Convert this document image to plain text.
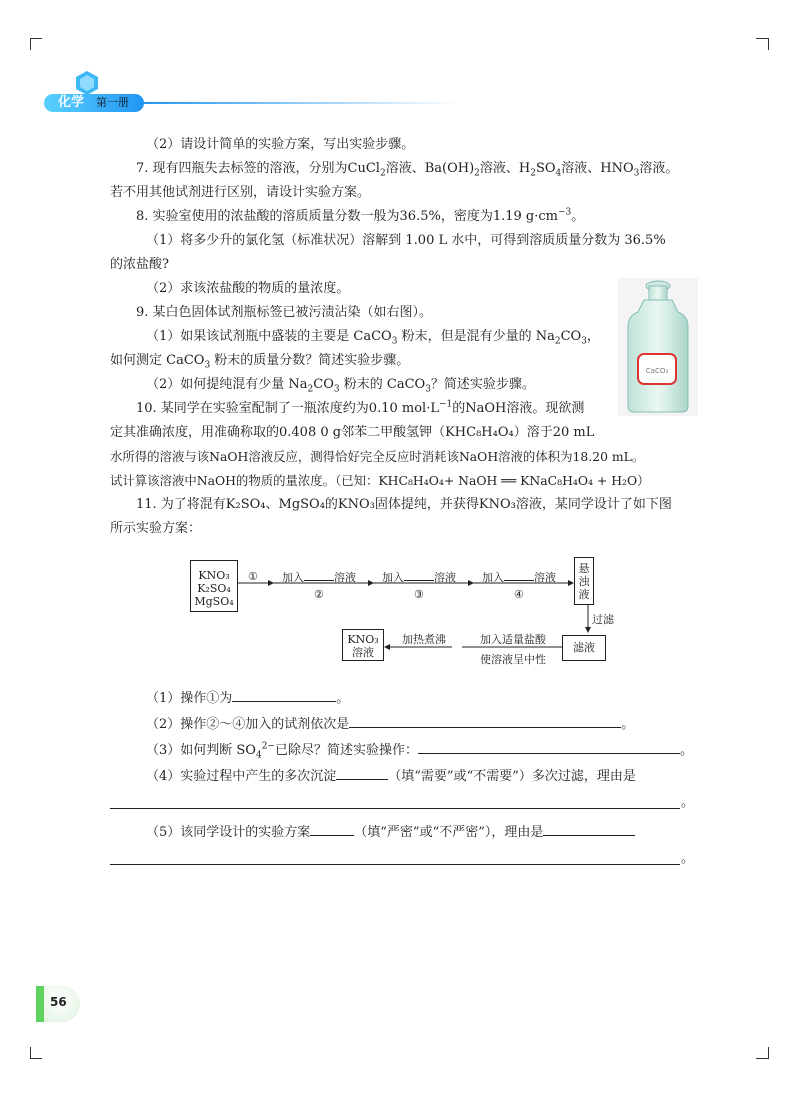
化学 第一册

（2）请设计简单的实验方案，写出实验步骤。

7. 现有四瓶失去标签的溶液，分别为CuCl$_2$溶液、$Ba(OH)_2$溶液、$H_2SO_4$溶液、$HNO_3$溶液。

若不用其他试剂进行区别，请设计实验方案。

8. 实验室使用的浓盐酸的溶质质量分数一般为36.5%，密度为1.19 $g\cdot cm^{-3}$。

（1）将多少升的氯化氢（标准状况）溶解到 1.00 L 水中，可得到溶质质量分数为 36.5%

的浓盐酸?

（2）求该浓盐酸的物质的量浓度。

9. 某白色固体试剂瓶标签已被污渍沾染（如右图）。

（1）如果该试剂瓶中盛装的主要是 CaCO$_3$ 粉末，但是混有少量的 $Na_2CO_3$，

如何测定 CaCO$_3$ 粉末的质量分数？简述实验步骤。

（2）如何提纯混有少量 $Na_2CO_3$ 粉末的 CaCO$_3$？简述实验步骤。

10. 某同学在实验室配制了一瓶浓度约为0.10 $mol\cdot L^{-1}$的NaOH溶液。现欲测

定其准确浓度，用准确称取的0.408 0 g邻苯二甲酸氢钾（KHC₈H₄O₄）溶于20 mL

水所得的溶液与该NaOH溶液反应，测得恰好完全反应时消耗该NaOH溶液的体积为18.20 mL。

试计算该溶液中NaOH的物质的量浓度。（已知：KHC₈H₄O₄+ NaOH ══ KNaC₈H₄O₄ + H₂O）

11. 为了将混有K₂SO₄、MgSO₄的KNO₃固体提纯，并获得KNO₃溶液，某同学设计了如下图

所示实验方案：

CaCO₃
KNO₃
K₂SO₄
MgSO₄
① 加入	溶液
②
加入	溶液
③
加入	溶液
④
悬
浊
液
过滤
滤液
加入适量盐酸
使溶液呈中性
加热煮沸
KNO₃
溶液
（1）操作①为	。
（2）操作②～④加入的试剂依次是	。
（3）如何判断 $SO_4^{2-}$已除尽？简述实验操作：	。
（4）实验过程中产生的多次沉淀	（填“需要”或“不需要”）多次过滤，理由是
。
（5）该同学设计的实验方案	（填“严密”或“不严密”），理由是
。
56
